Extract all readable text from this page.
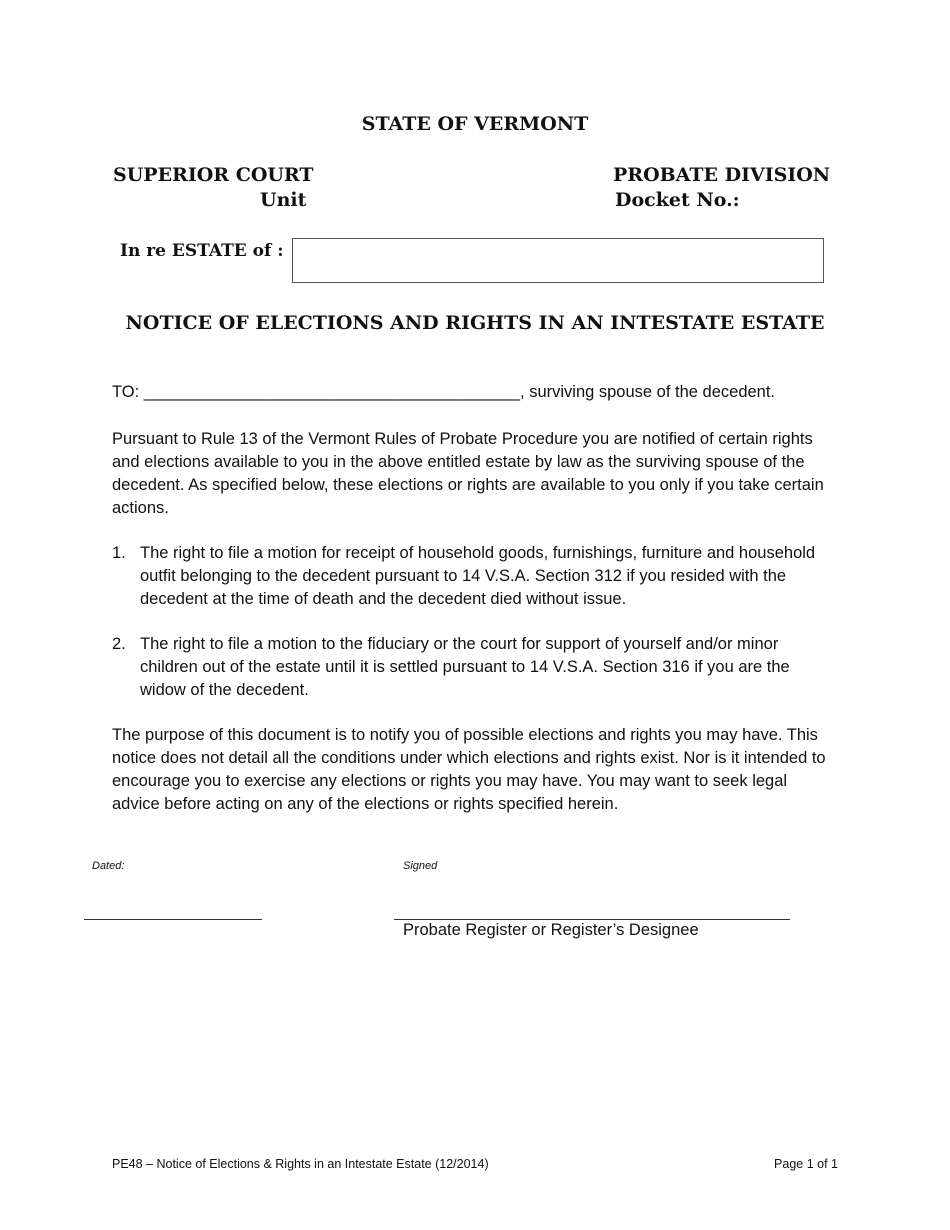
STATE OF VERMONT
SUPERIOR COURT
Unit
PROBATE DIVISION
Docket No.:
In re ESTATE of :
NOTICE OF ELECTIONS AND RIGHTS IN AN INTESTATE ESTATE
TO: _________________________________________, surviving spouse of the decedent.
Pursuant to Rule 13 of the Vermont Rules of Probate Procedure you are notified of certain rights and elections available to you in the above entitled estate by law as the surviving spouse of the decedent. As specified below, these elections or rights are available to you only if you take certain actions.
1. The right to file a motion for receipt of household goods, furnishings, furniture and household outfit belonging to the decedent pursuant to 14 V.S.A. Section 312 if you resided with the decedent at the time of death and the decedent died without issue.
2. The right to file a motion to the fiduciary or the court for support of yourself and/or minor children out of the estate until it is settled pursuant to 14 V.S.A. Section 316 if you are the widow of the decedent.
The purpose of this document is to notify you of possible elections and rights you may have. This notice does not detail all the conditions under which elections and rights exist. Nor is it intended to encourage you to exercise any elections or rights you may have. You may want to seek legal advice before acting on any of the elections or rights specified herein.
Dated:	Signed
Probate Register or Register’s Designee
PE48 – Notice of Elections & Rights in an Intestate Estate (12/2014)	Page 1 of 1
